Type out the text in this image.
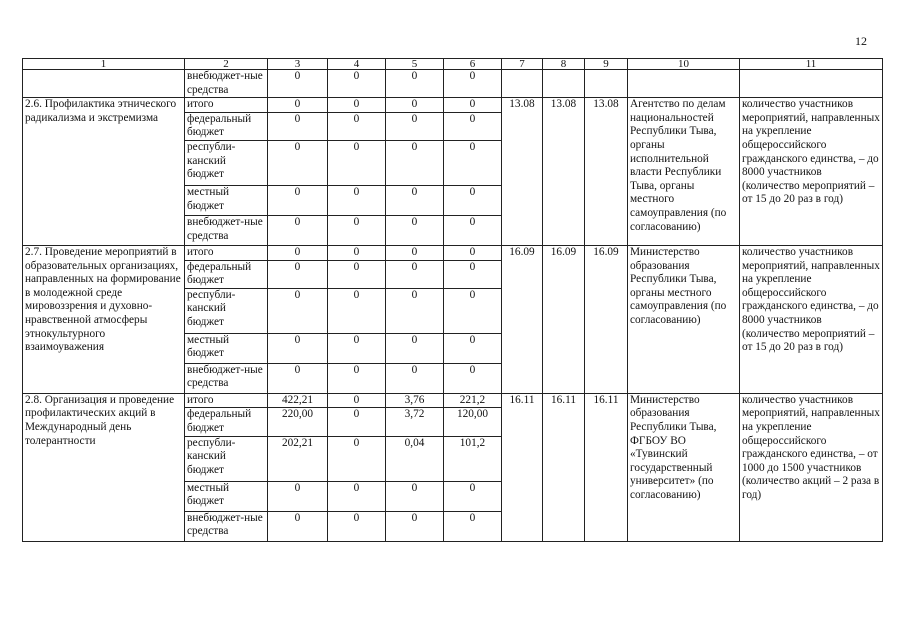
12
1	2	3	4	5	6	7	8	9	10	11
	внебюджет-ные средства	0	0	0	0					
2.6. Профилактика этнического радикализма и экстремизма	итого	0	0	0	0	13.08	13.08	13.08	Агентство по делам национальностей Республики Тыва, органы исполнительной власти Республики Тыва, органы местного самоуправления (по согласованию)	количество участников мероприятий, направленных на укрепление общероссийского гражданского единства, – до 8000 участников (количество мероприятий – от 15 до 20 раз в год)
	федеральный бюджет	0	0	0	0					
	республи-канский бюджет	0	0	0	0					
	местный бюджет	0	0	0	0					
	внебюджет-ные средства	0	0	0	0					
2.7. Проведение мероприятий в образовательных организациях, направленных на формирование в молодежной среде мировоззрения и духовно-нравственной атмосферы этнокультурного взаимоуважения	итого	0	0	0	0	16.09	16.09	16.09	Министерство образования Республики Тыва, органы местного самоуправления (по согласованию)	количество участников мероприятий, направленных на укрепление общероссийского гражданского единства, – до 8000 участников (количество мероприятий – от 15 до 20 раз в год)
	федеральный бюджет	0	0	0	0					
	республи-канский бюджет	0	0	0	0					
	местный бюджет	0	0	0	0					
	внебюджет-ные средства	0	0	0	0					
2.8. Организация и проведение профилактических акций в Международный день толерантности	итого	422,21	0	3,76	221,2	16.11	16.11	16.11	Министерство образования Республики Тыва, ФГБОУ ВО «Тувинский государственный университет» (по согласованию)	количество участников мероприятий, направленных на укрепление общероссийского гражданского единства, – от 1000 до 1500 участников (количество акций – 2 раза в год)
	федеральный бюджет	220,00	0	3,72	120,00					
	республи-канский бюджет	202,21	0	0,04	101,2					
	местный бюджет	0	0	0	0					
	внебюджет-ные средства	0	0	0	0					
